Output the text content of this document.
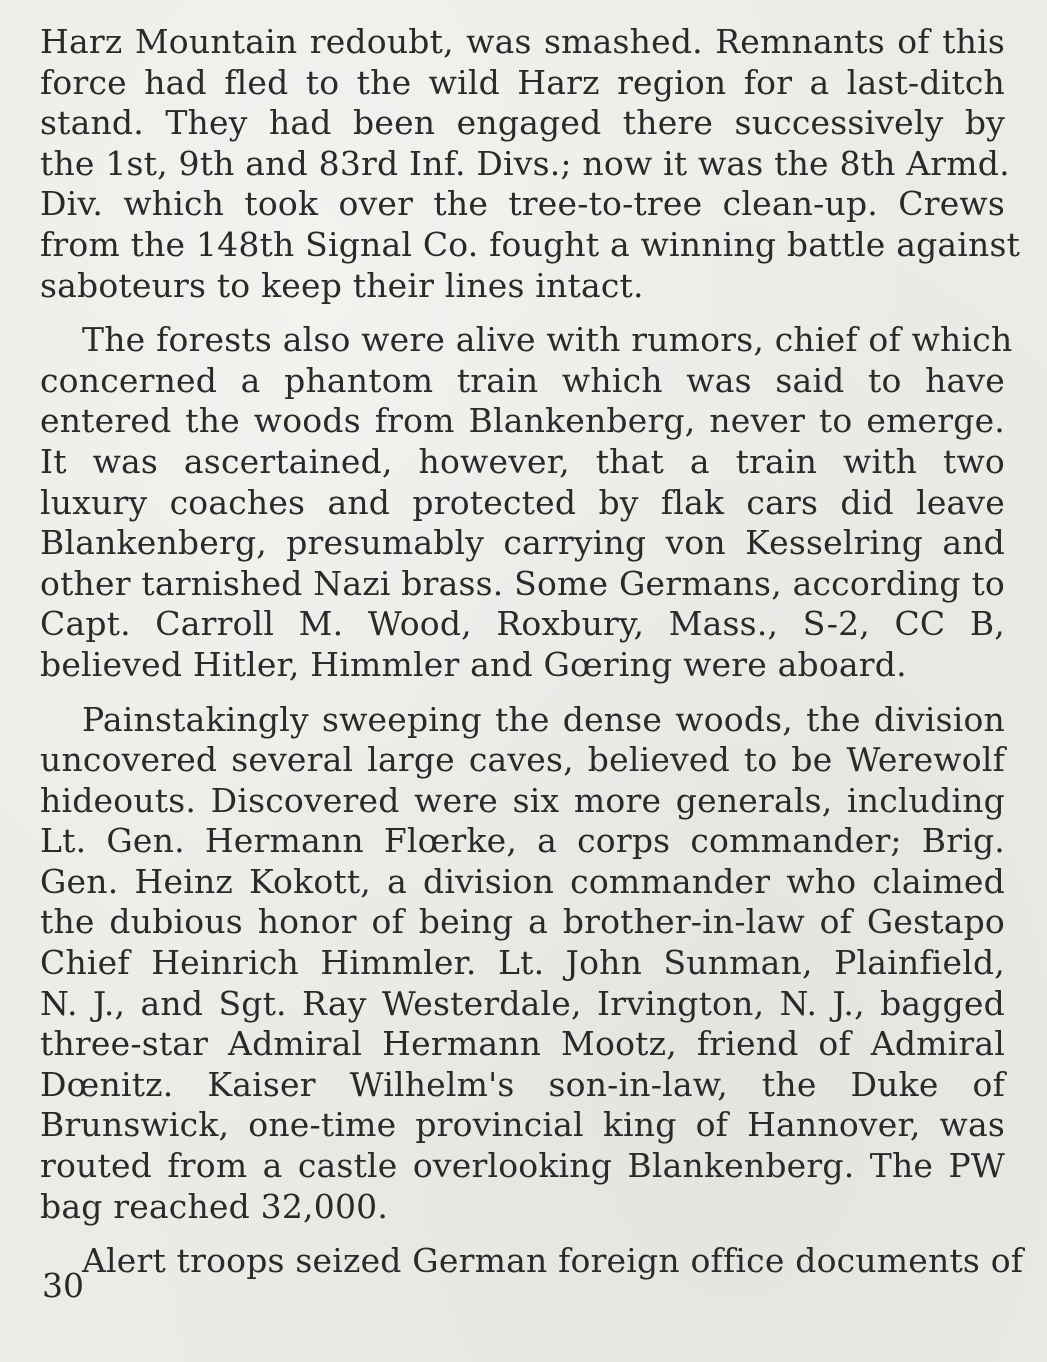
Harz Mountain redoubt, was smashed. Remnants of this
force had fled to the wild Harz region for a last-ditch
stand. They had been engaged there successively by
the 1st, 9th and 83rd Inf. Divs.; now it was the 8th Armd.
Div. which took over the tree-to-tree clean-up. Crews
from the 148th Signal Co. fought a winning battle against
saboteurs to keep their lines intact.
The forests also were alive with rumors, chief of which
concerned a phantom train which was said to have
entered the woods from Blankenberg, never to emerge.
It was ascertained, however, that a train with two
luxury coaches and protected by flak cars did leave
Blankenberg, presumably carrying von Kesselring and
other tarnished Nazi brass. Some Germans, according to
Capt. Carroll M. Wood, Roxbury, Mass., S-2, CC B,
believed Hitler, Himmler and Gœring were aboard.
Painstakingly sweeping the dense woods, the division
uncovered several large caves, believed to be Werewolf
hideouts. Discovered were six more generals, including
Lt. Gen. Hermann Flœrke, a corps commander; Brig.
Gen. Heinz Kokott, a division commander who claimed
the dubious honor of being a brother-in-law of Gestapo
Chief Heinrich Himmler. Lt. John Sunman, Plainfield,
N. J., and Sgt. Ray Westerdale, Irvington, N. J., bagged
three-star Admiral Hermann Mootz, friend of Admiral
Dœnitz. Kaiser Wilhelm's son-in-law, the Duke of
Brunswick, one-time provincial king of Hannover, was
routed from a castle overlooking Blankenberg. The PW
bag reached 32,000.
Alert troops seized German foreign office documents of
30
